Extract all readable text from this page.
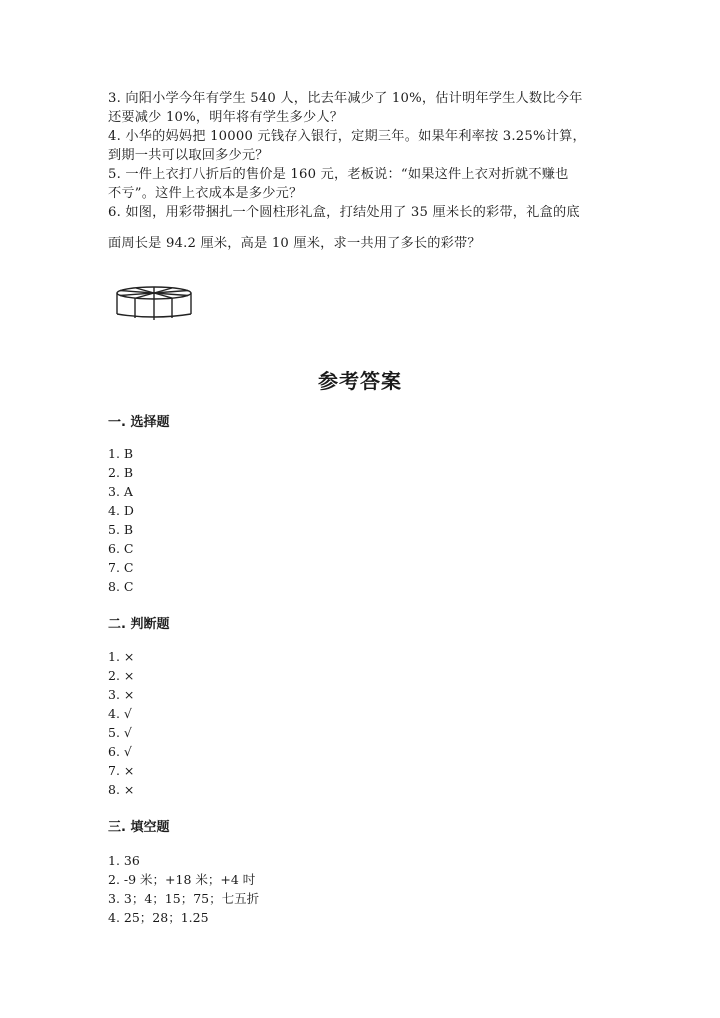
3. 向阳小学今年有学生 540 人，比去年减少了 10%，估计明年学生人数比今年
还要减少 10%，明年将有学生多少人？
4. 小华的妈妈把 10000 元钱存入银行，定期三年。如果年利率按 3.25%计算，
到期一共可以取回多少元？
5. 一件上衣打八折后的售价是 160 元，老板说：“如果这件上衣对折就不赚也
不亏”。这件上衣成本是多少元？
6. 如图，用彩带捆扎一个圆柱形礼盒，打结处用了 35 厘米长的彩带，礼盒的底
面周长是 94.2 厘米，高是 10 厘米，求一共用了多长的彩带？
参考答案
一. 选择题
1. B
2. B
3. A
4. D
5. B
6. C
7. C
8. C
二. 判断题
1. ×
2. ×
3. ×
4. √
5. √
6. √
7. ×
8. ×
三. 填空题
1. 36
2. -9 米；+18 米；+4 吋
3. 3；4；15；75；七五折
4. 25；28；1.25
